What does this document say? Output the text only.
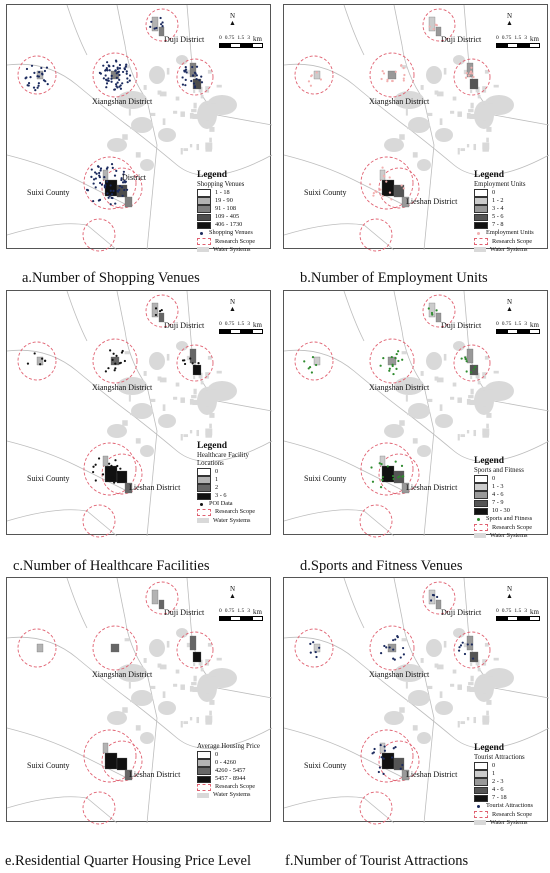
Duji District
Xiangshan District
Suixi County
District
N
▲
0 0.75 1.5 3 km
Legend
Shopping Venues
1 - 18
19 - 90
91 - 108
109 - 405
406 - 1730
Shopping Venues
Research Scope
Water Systems
a.Number of Shopping Venues
Duji District
Xiangshan District
Suixi County
Lieshan District
N
▲
0 0.75 1.5 3 km
Legend
Employment Units
0
1 - 2
3 - 4
5 - 6
7 - 8
Employment Units
Research Scope
Water Systems
b.Number of Employment Units
Duji District
Xiangshan District
Suixi County
Lieshan District
N
▲
0 0.75 1.5 3 km
Legend
Healthcare Facility Locations
0
1
2
3 - 6
POI Data
Research Scope
Water Systems
c.Number of Healthcare Facilities
Duji District
Xiangshan District
Suixi County
Lieshan District
N
▲
0 0.75 1.5 3 km
Legend
Sports and Fitness
0
1 - 3
4 - 6
7 - 9
10 - 30
Sports and Fitness
Research Scope
Water Systems
d.Sports and Fitness Venues
Duji District
Xiangshan District
Suixi County
Lieshan District
N
▲
0 0.75 1.5 3 km
Average Housing Price
0
0 - 4260
4260 - 5457
5457 - 8944
Research Scope
Water Systems
e.Residential Quarter Housing Price Level
Duji District
Xiangshan District
Suixi County
Lieshan District
N
▲
0 0.75 1.5 3 km
Legend
Tourist Attractions
0
1
2 - 3
4 - 6
7 - 18
Tourist Attractions
Research Scope
Water Systems
f.Number of Tourist Attractions
